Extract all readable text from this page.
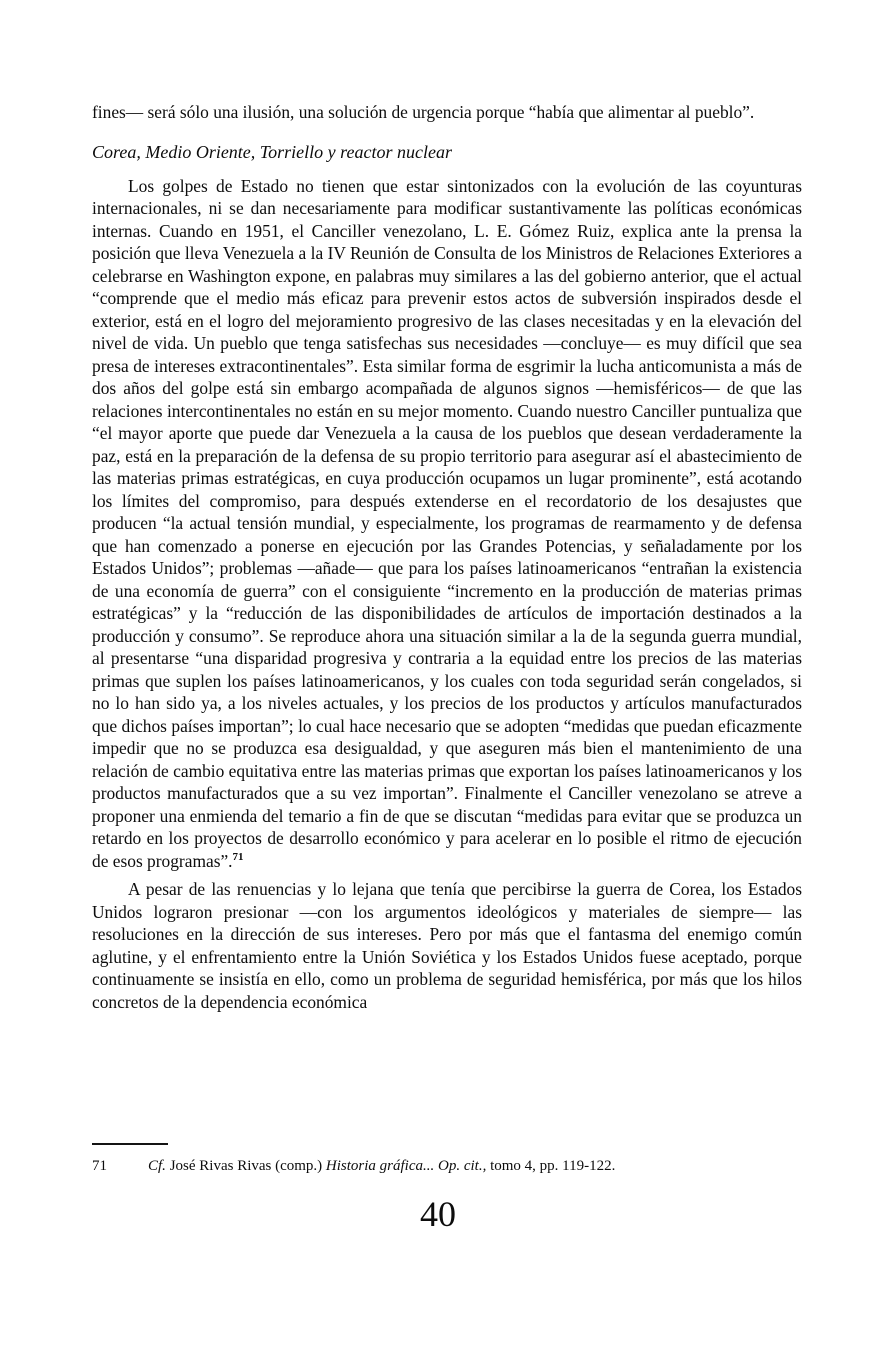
fines— será sólo una ilusión, una solución de urgencia porque “había que alimentar al pueblo”.

Corea, Medio Oriente, Torriello y reactor nuclear

Los golpes de Estado no tienen que estar sintonizados con la evolución de las coyunturas internacionales, ni se dan necesariamente para modificar sustantivamente las políticas económicas internas. Cuando en 1951, el Canciller venezolano, L. E. Gómez Ruiz, explica ante la prensa la posición que lleva Venezuela a la IV Reunión de Consulta de los Ministros de Relaciones Exteriores a celebrarse en Washington expone, en palabras muy similares a las del gobierno anterior, que el actual “comprende que el medio más eficaz para prevenir estos actos de subversión inspirados desde el exterior, está en el logro del mejoramiento progresivo de las clases necesitadas y en la elevación del nivel de vida. Un pueblo que tenga satisfechas sus necesidades —concluye— es muy difícil que sea presa de intereses extracontinentales”. Esta similar forma de esgrimir la lucha anticomunista a más de dos años del golpe está sin embargo acompañada de algunos signos —hemisféricos— de que las relaciones intercontinentales no están en su mejor momento. Cuando nuestro Canciller puntualiza que “el mayor aporte que puede dar Venezuela a la causa de los pueblos que desean verdaderamente la paz, está en la preparación de la defensa de su propio territorio para asegurar así el abastecimiento de las materias primas estratégicas, en cuya producción ocupamos un lugar prominente”, está acotando los límites del compromiso, para después extenderse en el recordatorio de los desajustes que producen “la actual tensión mundial, y especialmente, los programas de rearmamento y de defensa que han comenzado a ponerse en ejecución por las Grandes Potencias, y señaladamente por los Estados Unidos”; problemas —añade— que para los países latinoamericanos “entrañan la existencia de una economía de guerra” con el consiguiente “incremento en la producción de materias primas estratégicas” y la “reducción de las disponibilidades de artículos de importación destinados a la producción y consumo”. Se reproduce ahora una situación similar a la de la segunda guerra mundial, al presentarse “una disparidad progresiva y contraria a la equidad entre los precios de las materias primas que suplen los países latinoamericanos, y los cuales con toda seguridad serán congelados, si no lo han sido ya, a los niveles actuales, y los precios de los productos y artículos manufacturados que dichos países importan”; lo cual hace necesario que se adopten “medidas que puedan eficazmente impedir que no se produzca esa desigualdad, y que aseguren más bien el mantenimiento de una relación de cambio equitativa entre las materias primas que exportan los países latinoamericanos y los productos manufacturados que a su vez importan”. Finalmente el Canciller venezolano se atreve a proponer una enmienda del temario a fin de que se discutan “medidas para evitar que se produzca un retardo en los proyectos de desarrollo económico y para acelerar en lo posible el ritmo de ejecución de esos programas”.$^{71}$

A pesar de las renuencias y lo lejana que tenía que percibirse la guerra de Corea, los Estados Unidos lograron presionar —con los argumentos ideológicos y materiales de siempre— las resoluciones en la dirección de sus intereses. Pero por más que el fantasma del enemigo común aglutine, y el enfrentamiento entre la Unión Soviética y los Estados Unidos fuese aceptado, porque continuamente se insistía en ello, como un problema de seguridad hemisférica, por más que los hilos concretos de la dependencia económica

71	Cf. José Rivas Rivas (comp.) Historia gráfica... Op. cit., tomo 4, pp. 119-122.
40
